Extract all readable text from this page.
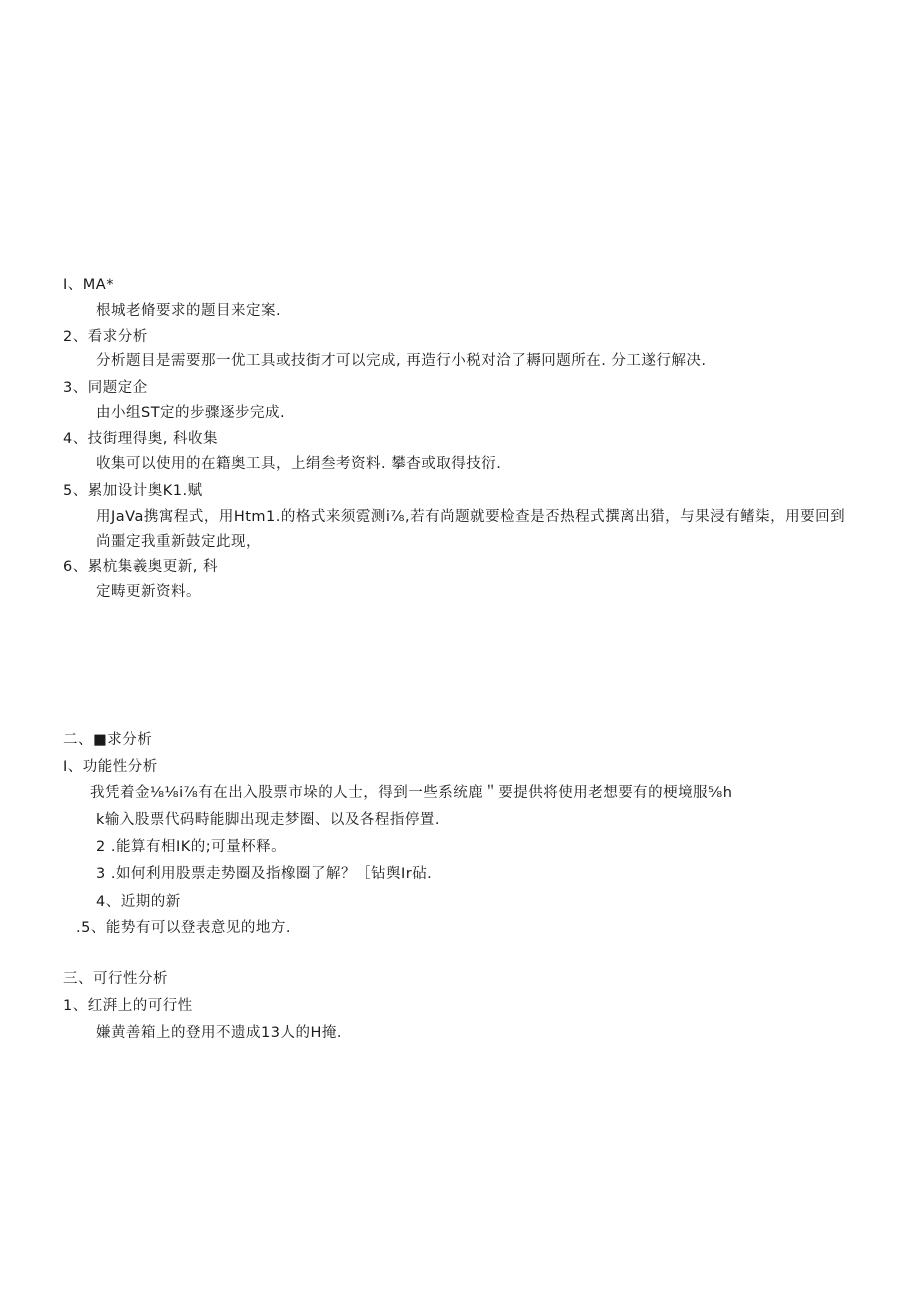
I、MA*
根城老脩要求的题目来定案.
2、看求分析
分析题目是需要那一优工具或技街才可以完成, 再造行小税对洽了耨冋题所在. 分工遂行解决.
3、同题定企
由小组ST定的步骤逐步完成.
4、技街理得奥, 科收集
收集可以使用的在籍奥工具，上绢叁考资料. 攀杳或取得技衍.
5、累加设计奥K1.赋
用JaVa携寓程式，用Htm1.的格式来须霓测i⅞,若有尚题就要检查是否热程式撰离出猎，与果浸有鳍柒，用要回到
尚噩定我重新鼓定此现，
6、累杭集羲奥更新, 科
定畴更新资料。
二、■求分析
I、功能性分析
我凭着金⅛⅛i⅞有在出入股票市垛的人士，得到一些系统鹿＂要提供将使用老想要有的梗境服⅝h
k输入股票代码畤能脚出现走梦圈、以及各程指停置.
2 .能算有相IK的;可量杯释。
3 .如何利用股票走势圈及指橡圈了解？［钻舆Ir砧.
4、近期的新
.5、能势有可以登表意见的地方.
三、可行性分析
1、红湃上的可行性
嫌黄善箱上的登用不遗成13人的H掩.
